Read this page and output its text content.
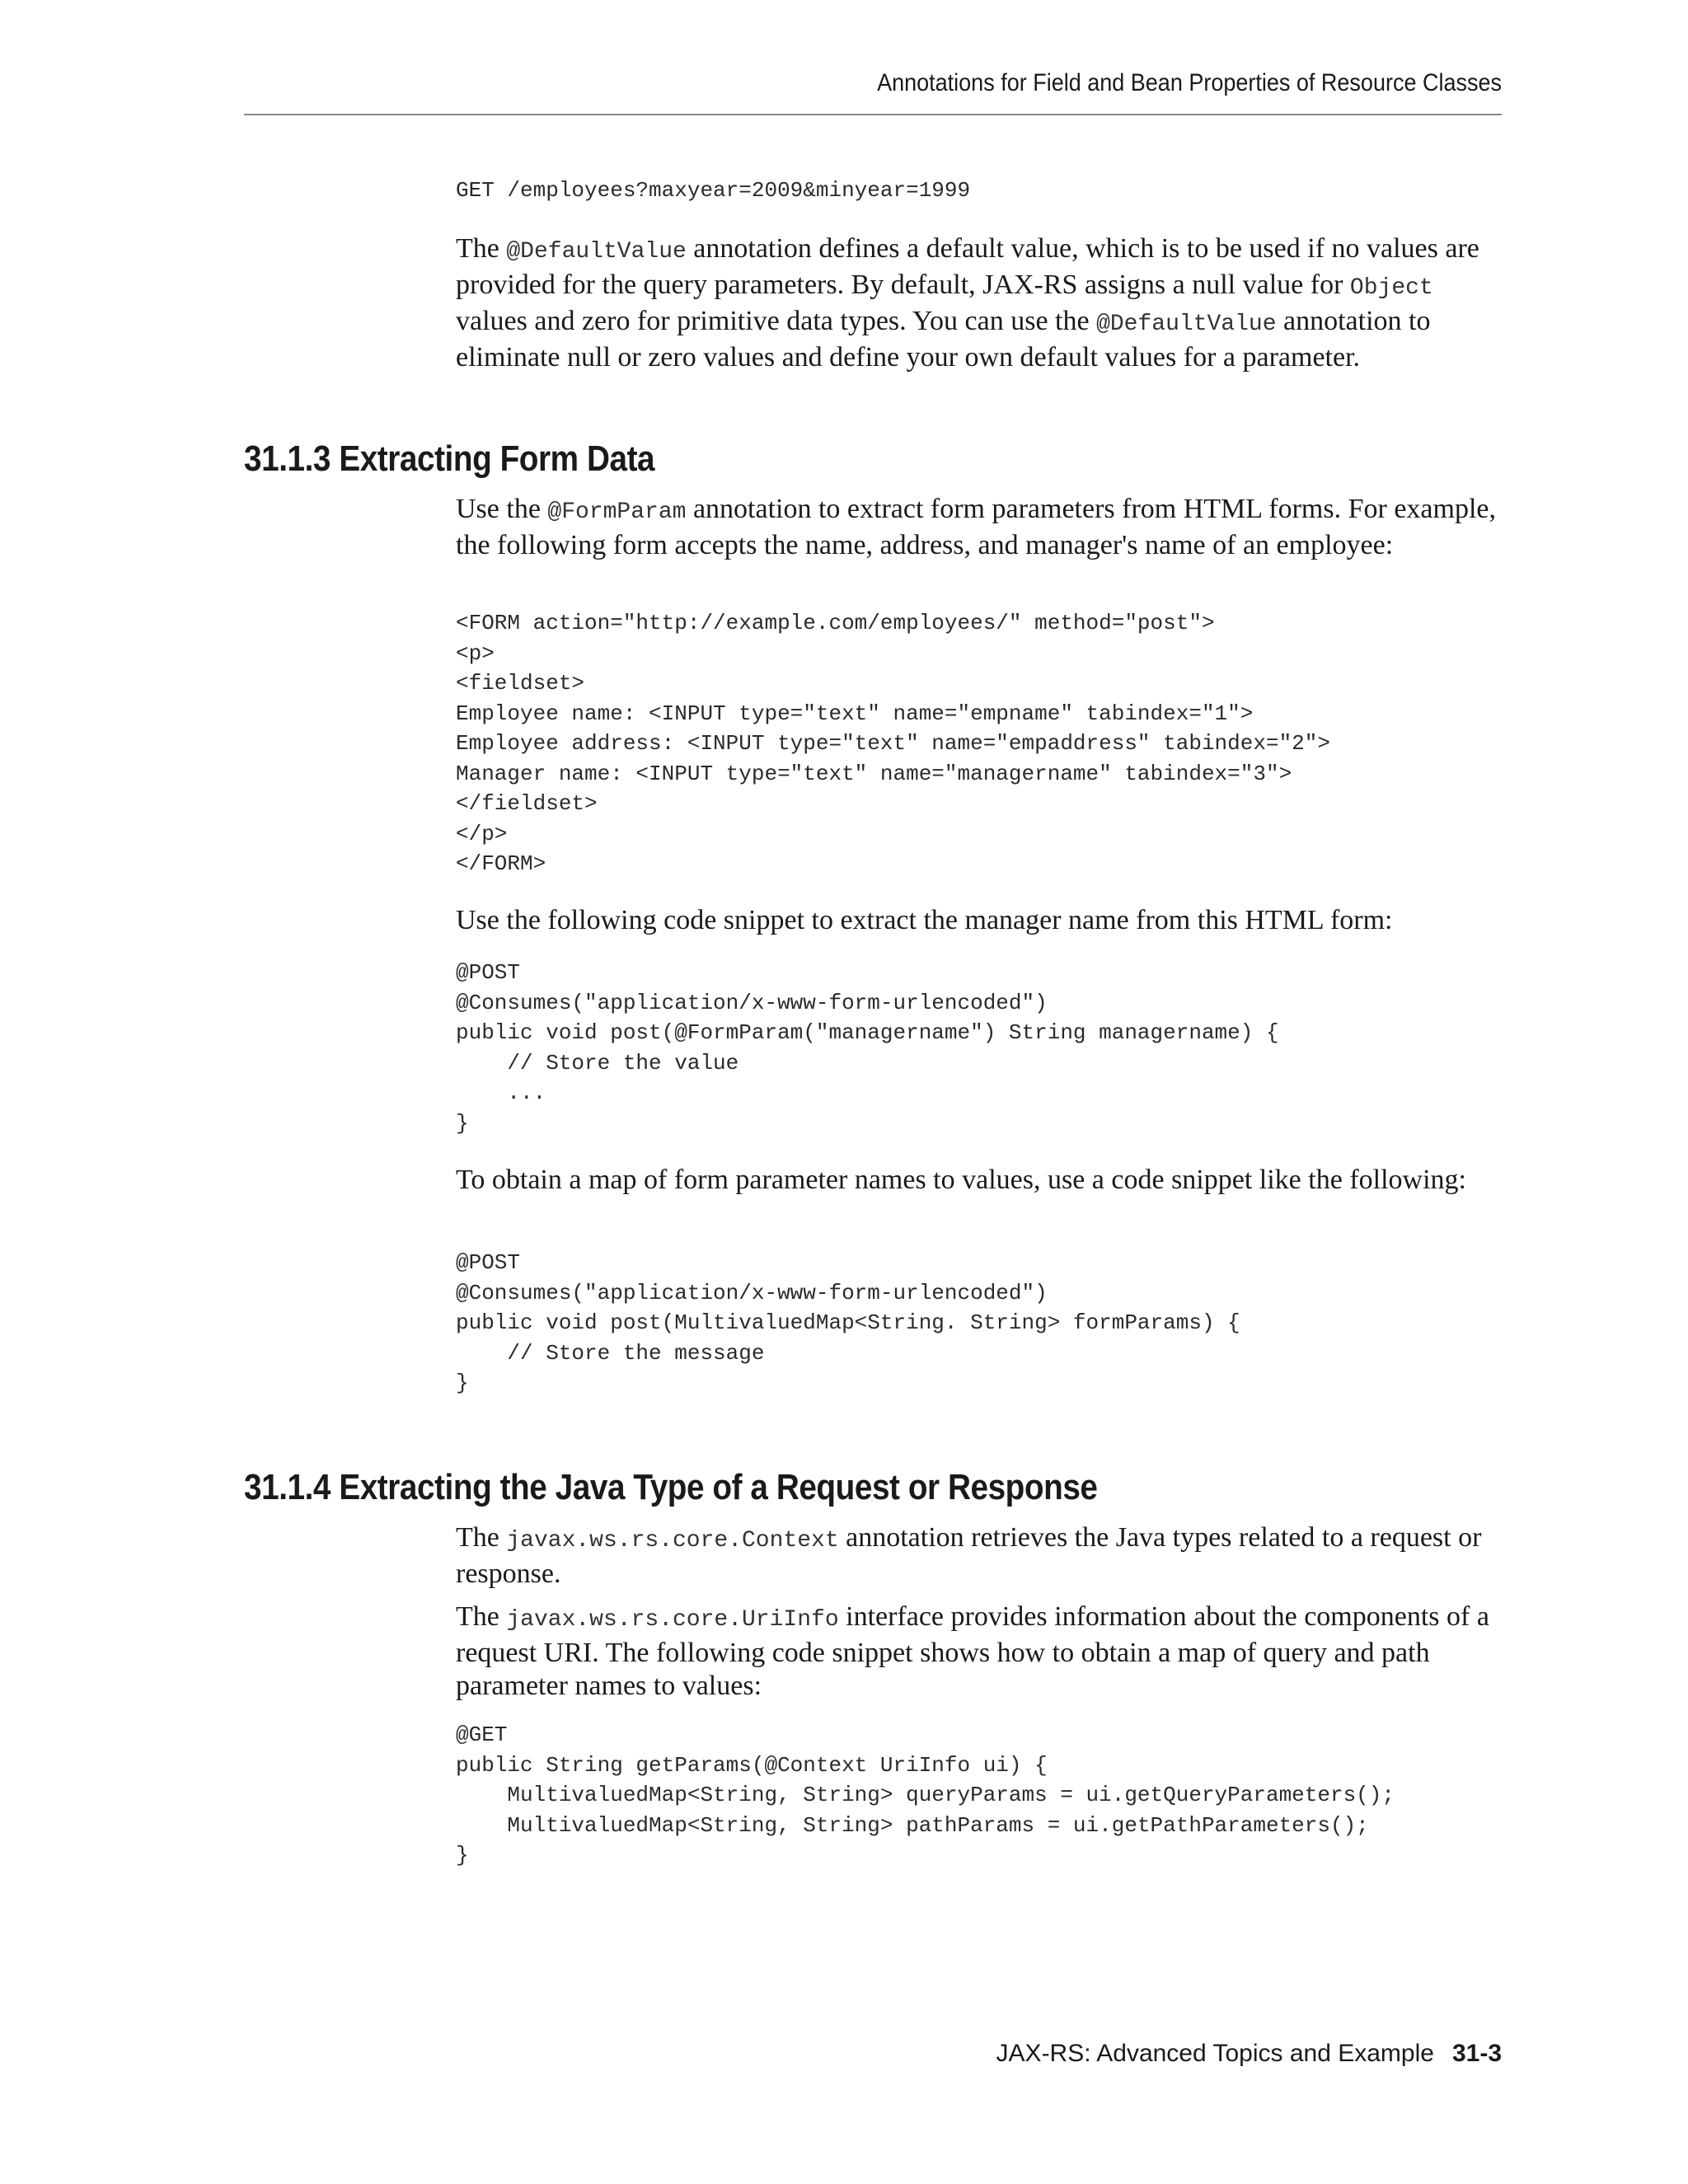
Annotations for Field and Bean Properties of Resource Classes
GET /employees?maxyear=2009&minyear=1999

The @DefaultValue annotation defines a default value, which is to be used if no values are provided for the query parameters. By default, JAX-RS assigns a null value for Object values and zero for primitive data types. You can use the @DefaultValue annotation to eliminate null or zero values and define your own default values for a parameter.

31.1.3 Extracting Form Data

Use the @FormParam annotation to extract form parameters from HTML forms. For example, the following form accepts the name, address, and manager's name of an employee:

<FORM action="http://example.com/employees/" method="post">
<p>
<fieldset>
Employee name: <INPUT type="text" name="empname" tabindex="1">
Employee address: <INPUT type="text" name="empaddress" tabindex="2">
Manager name: <INPUT type="text" name="managername" tabindex="3">
</fieldset>
</p>
</FORM>

Use the following code snippet to extract the manager name from this HTML form:

@POST
@Consumes("application/x-www-form-urlencoded")
public void post(@FormParam("managername") String managername) {
// Store the value
...
}

To obtain a map of form parameter names to values, use a code snippet like the following:

@POST
@Consumes("application/x-www-form-urlencoded")
public void post(MultivaluedMap<String. String> formParams) {
// Store the message
}
31.1.4 Extracting the Java Type of a Request or Response

The javax.ws.rs.core.Context annotation retrieves the Java types related to a request or response.

The javax.ws.rs.core.UriInfo interface provides information about the components of a request URI. The following code snippet shows how to obtain a map of query and path parameter names to values:

@GET
public String getParams(@Context UriInfo ui) {
MultivaluedMap<String, String> queryParams = ui.getQueryParameters();
MultivaluedMap<String, String> pathParams = ui.getPathParameters();
}
JAX-RS: Advanced Topics and Example 31-3
